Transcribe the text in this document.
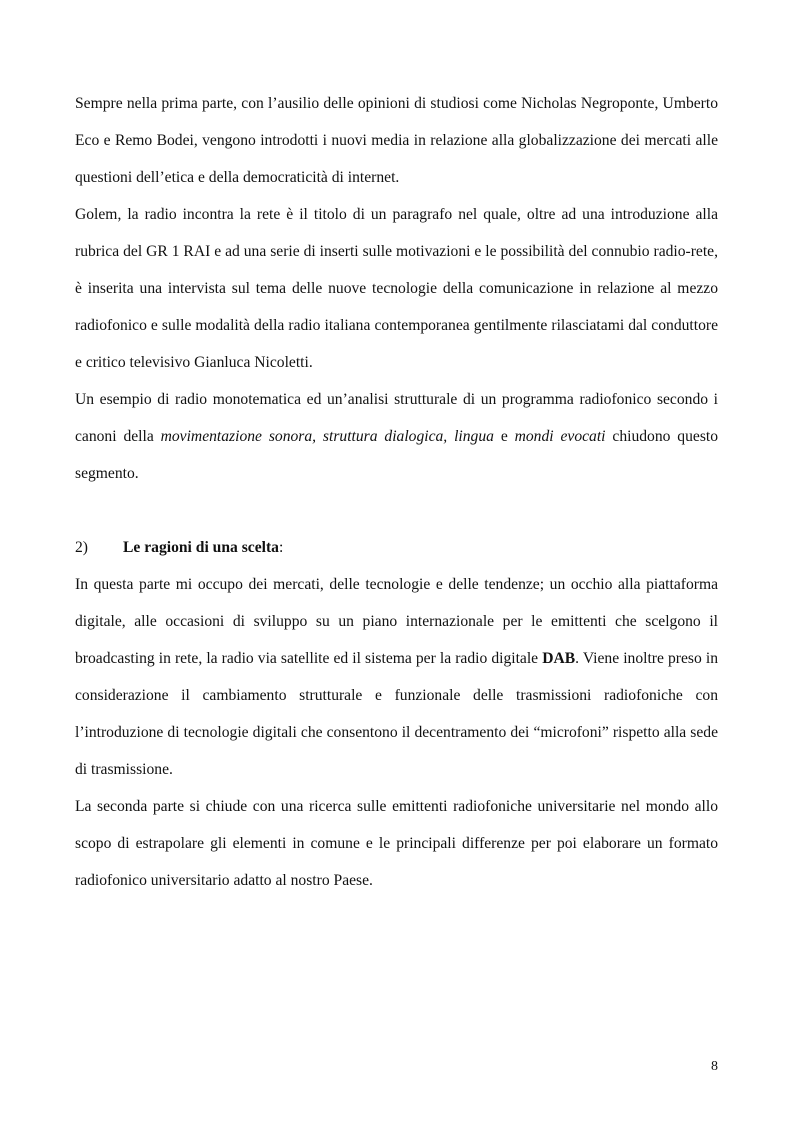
Sempre nella prima parte, con l’ausilio delle opinioni di studiosi come Nicholas Negroponte, Umberto Eco e Remo Bodei, vengono introdotti i nuovi media in relazione alla globalizzazione dei mercati alle questioni dell’etica e della democraticità di internet.

Golem, la radio incontra la rete è il titolo di un paragrafo nel quale, oltre ad una introduzione alla rubrica del GR 1 RAI e ad una serie di inserti sulle motivazioni e le possibilità del connubio radio-rete, è inserita una intervista sul tema delle nuove tecnologie della comunicazione in relazione al mezzo radiofonico e sulle modalità della radio italiana contemporanea gentilmente rilasciatami dal conduttore e critico televisivo Gianluca Nicoletti.

Un esempio di radio monotematica ed un’analisi strutturale di un programma radiofonico secondo i canoni della movimentazione sonora, struttura dialogica, lingua e mondi evocati chiudono questo segmento.

2)	Le ragioni di una scelta:

In questa parte mi occupo dei mercati, delle tecnologie e delle tendenze; un occhio alla piattaforma digitale, alle occasioni di sviluppo su un piano internazionale per le emittenti che scelgono il broadcasting in rete, la radio via satellite ed il sistema per la radio digitale DAB. Viene inoltre preso in considerazione il cambiamento strutturale e funzionale delle trasmissioni radiofoniche con l’introduzione di tecnologie digitali che consentono il decentramento dei “microfoni” rispetto alla sede di trasmissione.

La seconda parte si chiude con una ricerca sulle emittenti radiofoniche universitarie nel mondo allo scopo di estrapolare gli elementi in comune e le principali differenze per poi elaborare un formato radiofonico universitario adatto al nostro Paese.

8
